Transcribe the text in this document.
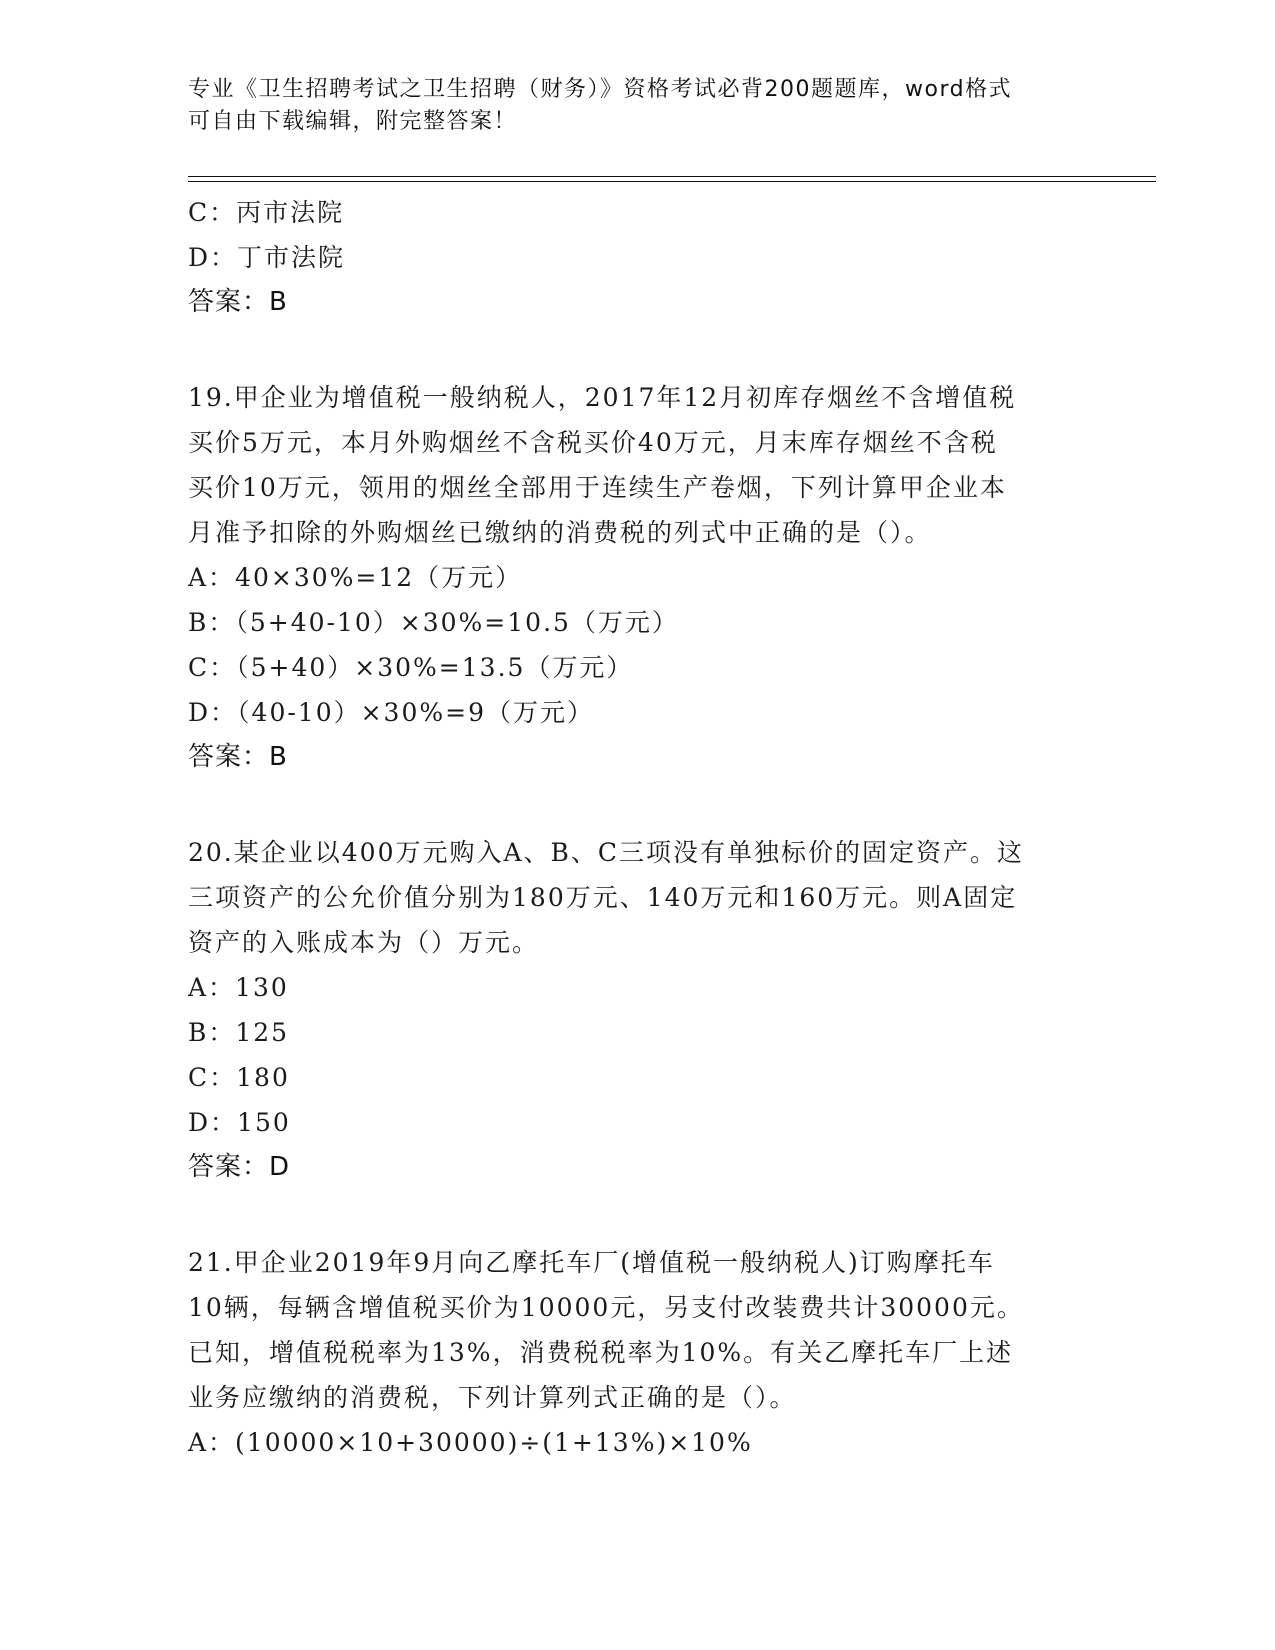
专业《卫生招聘考试之卫生招聘（财务）》资格考试必背200题题库，word格式
可自由下载编辑，附完整答案！
C：丙市法院
D：丁市法院
答案：B
19.甲企业为增值税一般纳税人，2017年12月初库存烟丝不含增值税
买价5万元，本月外购烟丝不含税买价40万元，月末库存烟丝不含税
买价10万元，领用的烟丝全部用于连续生产卷烟，下列计算甲企业本
月准予扣除的外购烟丝已缴纳的消费税的列式中正确的是（）。
A：40×30%=12（万元）
B：（5+40-10）×30%=10.5（万元）
C：（5+40）×30%=13.5（万元）
D：（40-10）×30%=9（万元）
答案：B
20.某企业以400万元购入A、B、C三项没有单独标价的固定资产。这
三项资产的公允价值分别为180万元、140万元和160万元。则A固定
资产的入账成本为（）万元。
A：130
B：125
C：180
D：150
答案：D
21.甲企业2019年9月向乙摩托车厂(增值税一般纳税人)订购摩托车
10辆，每辆含增值税买价为10000元，另支付改装费共计30000元。
已知，增值税税率为13%，消费税税率为10%。有关乙摩托车厂上述
业务应缴纳的消费税，下列计算列式正确的是（）。
A：(10000×10+30000)÷(1+13%)×10%
